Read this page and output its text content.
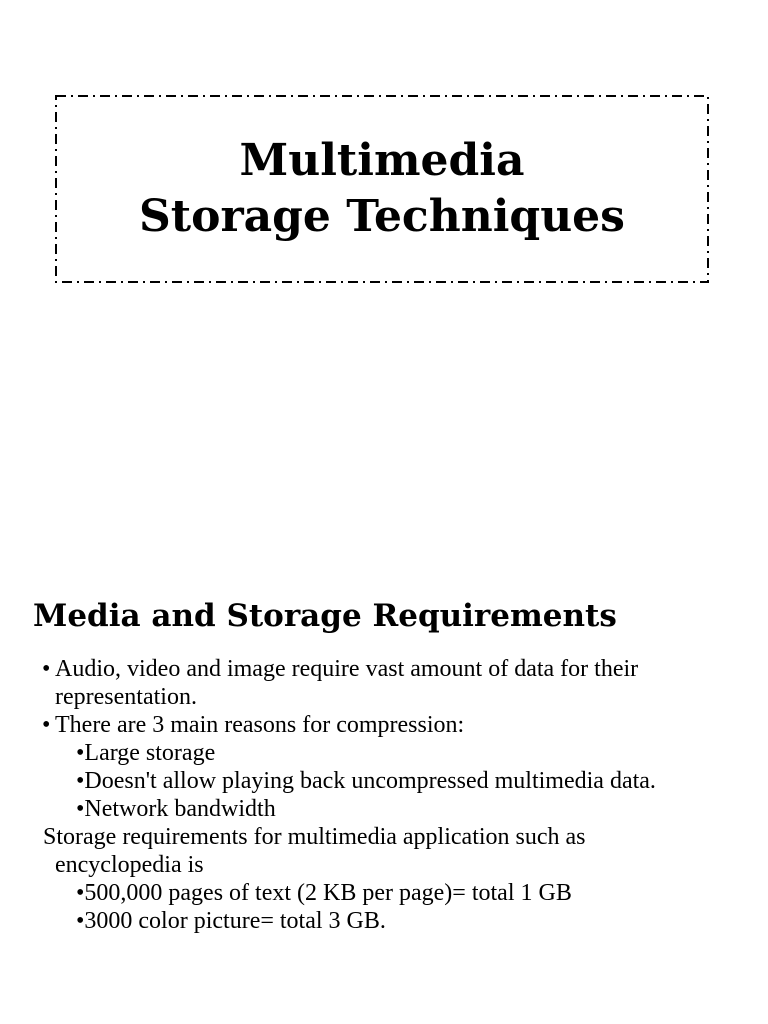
Multimedia
Storage Techniques
Media and Storage Requirements
• Audio, video and image require vast amount of data for their
representation.
• There are 3 main reasons for compression:
•Large storage
•Doesn't allow playing back uncompressed multimedia data.
•Network bandwidth
Storage requirements for multimedia application such as
encyclopedia is
•500,000 pages of text (2 KB per page)= total 1 GB
•3000 color picture= total 3 GB.
